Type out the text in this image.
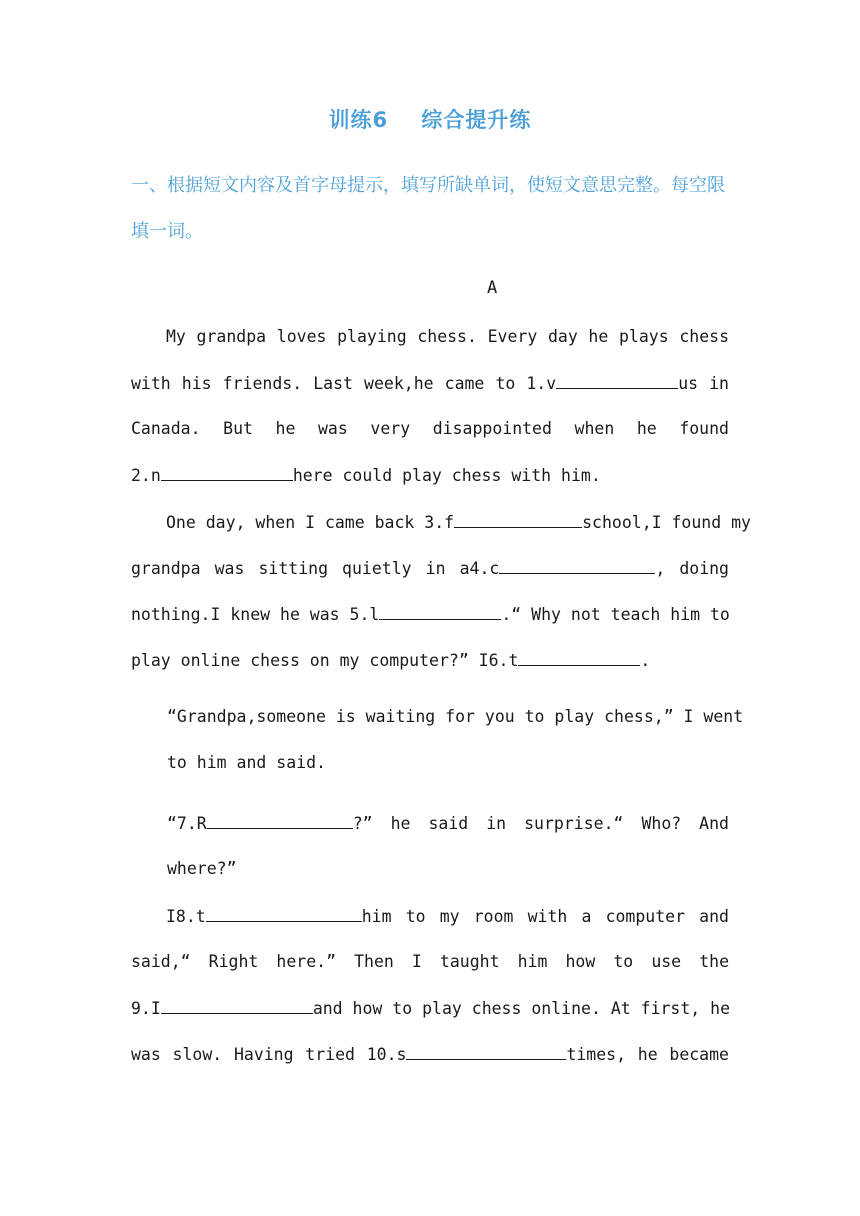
训练6    综合提升练
一、根据短文内容及首字母提示，填写所缺单词，使短文意思完整。每空限填一词。
A
My grandpa loves playing chess. Every day he plays chess
with his friends. Last week,he came to 1.v	us in
Canada. But he was very disappointed when he found
2.n	here could play chess with him.
One day, when I came back 3.f	school,I found my
grandpa was sitting quietly in a4.c	, doing
nothing.I knew he was 5.l	.“ Why not teach him to
play online chess on my computer?” I6.t	.
“Grandpa,someone is waiting for you to play chess,” I went
to him and said.
“7.R	?” he said in surprise.“ Who? And
where?”
I8.t	him to my room with a computer and
said,“ Right here.” Then I taught him how to use the
9.I	and how to play chess online. At first, he
was slow. Having tried 10.s	times, he became
